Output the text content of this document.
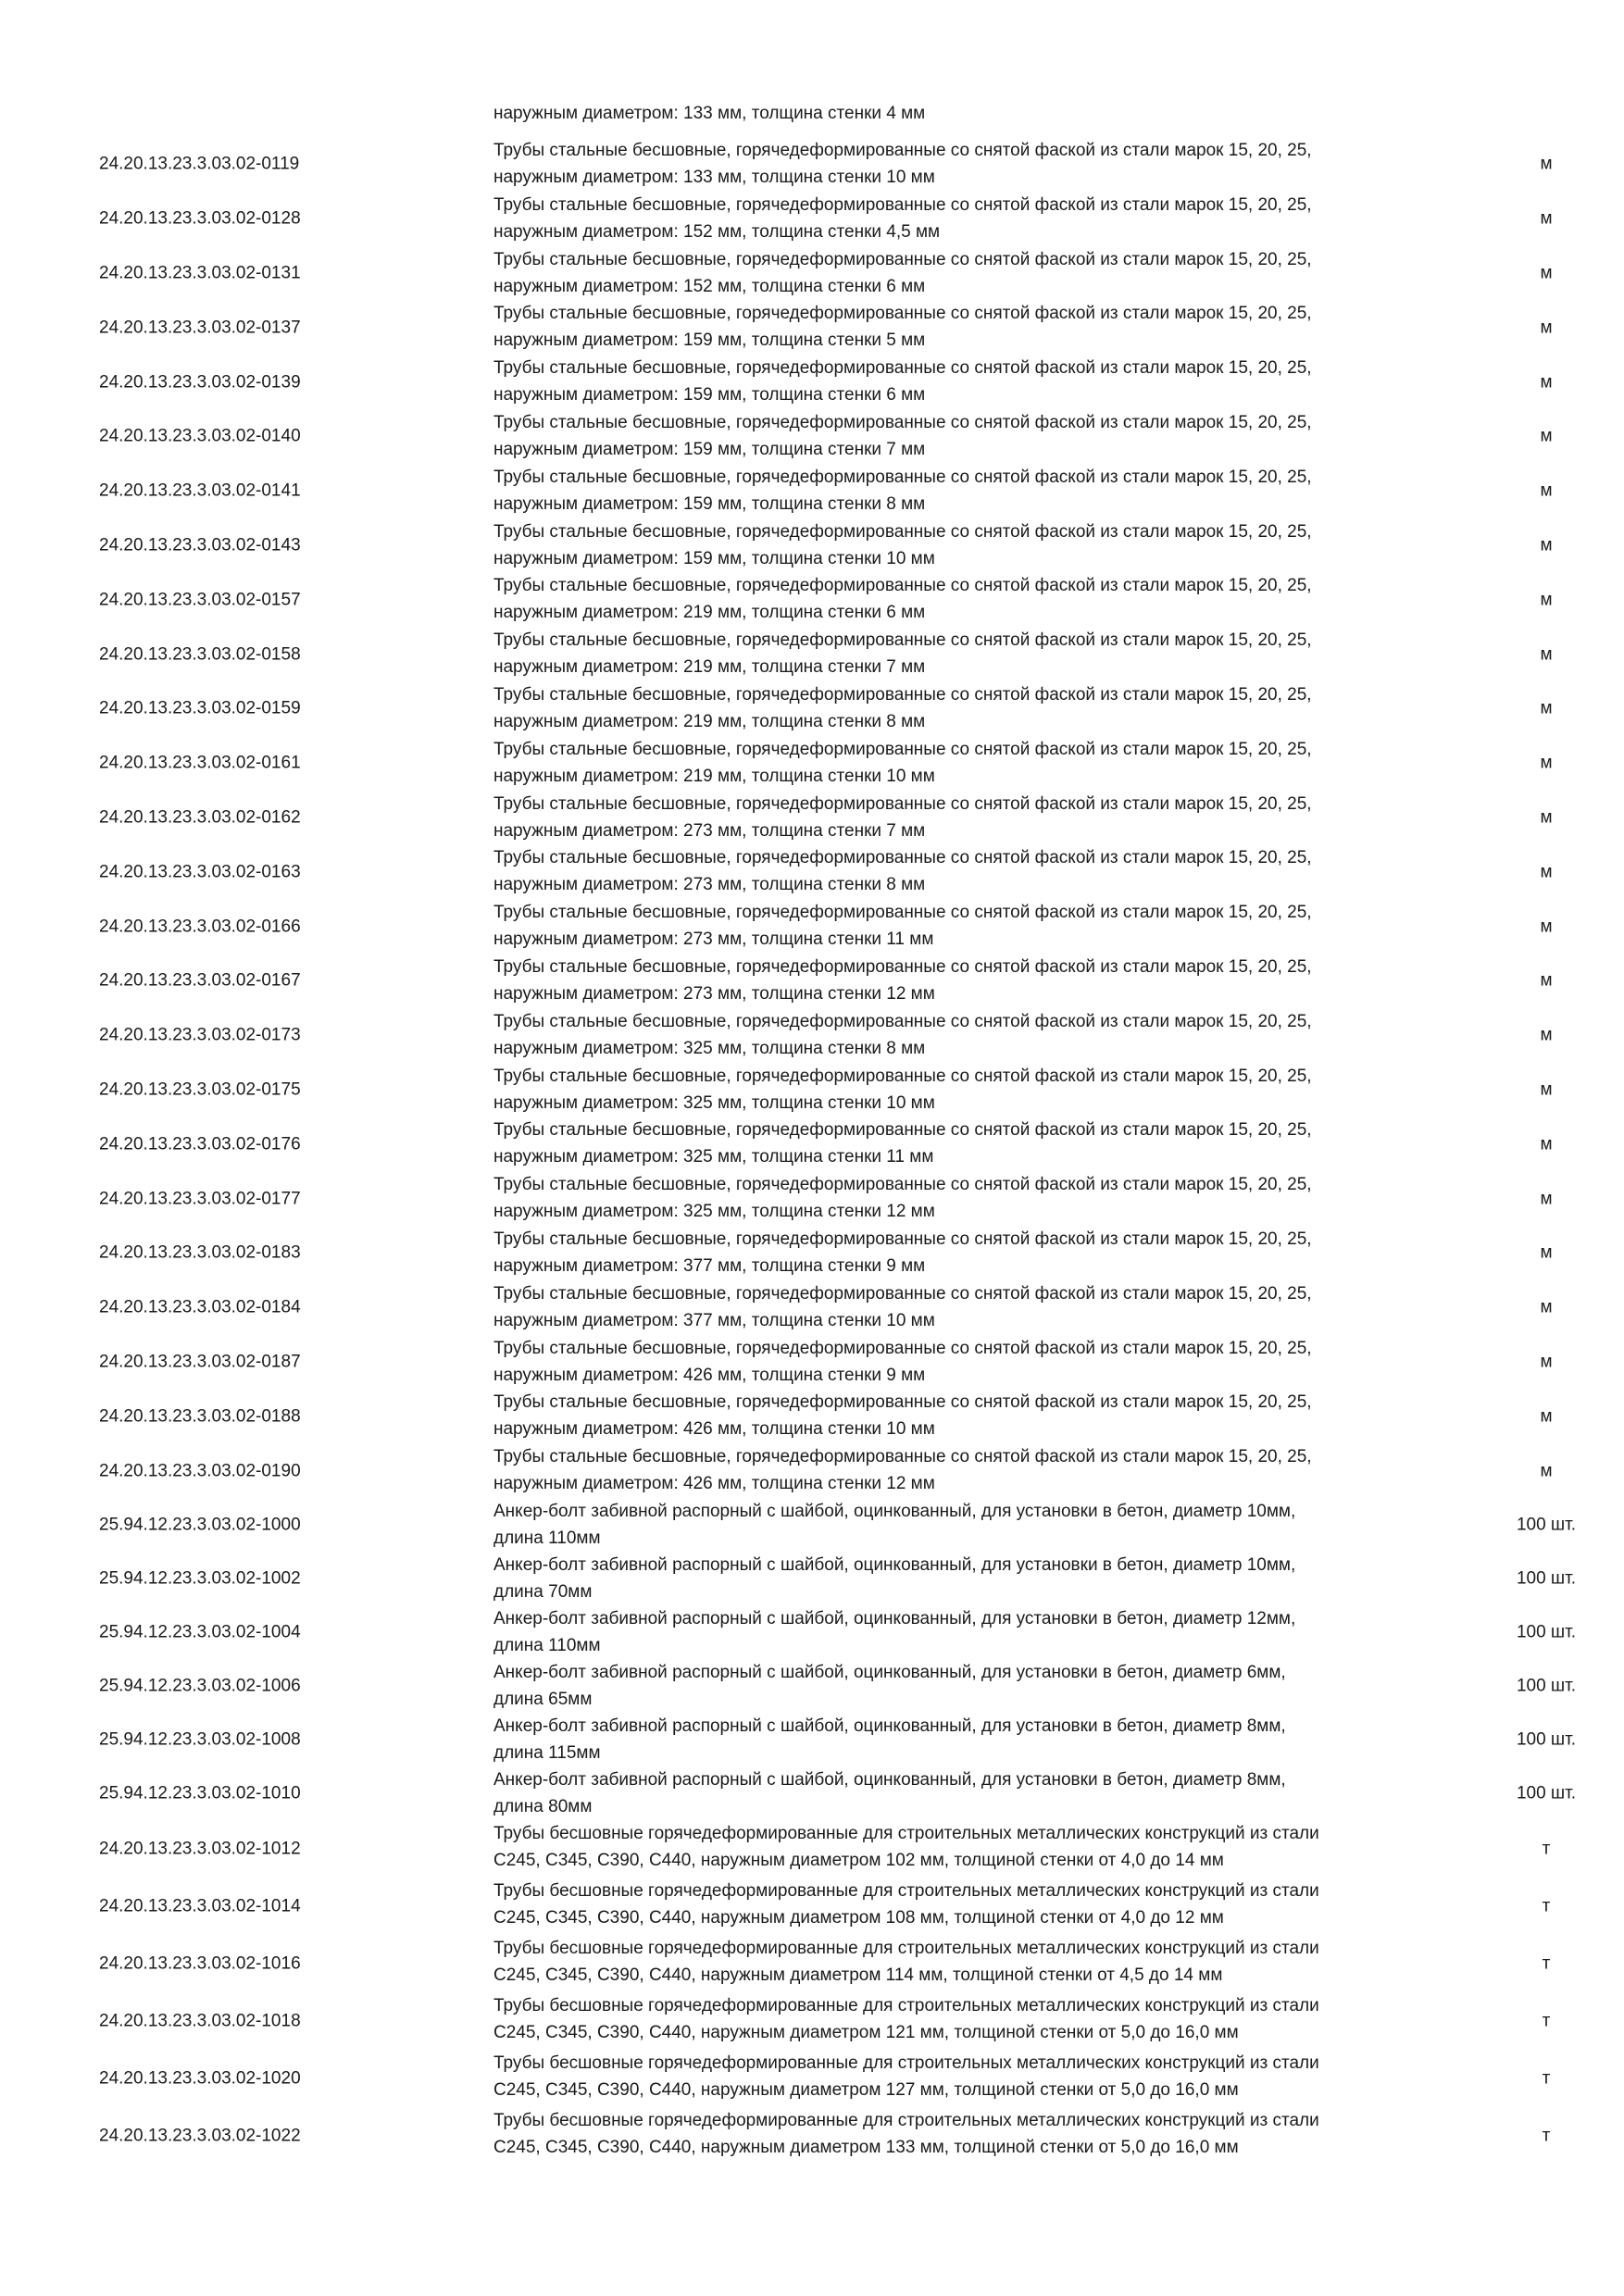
наружным диаметром: 133 мм, толщина стенки 4 мм
24.20.13.23.3.03.02-0119
Трубы стальные бесшовные, горячедеформированные со снятой фаской из стали марок 15, 20, 25,
наружным диаметром: 133 мм, толщина стенки 10 мм
м
24.20.13.23.3.03.02-0128
Трубы стальные бесшовные, горячедеформированные со снятой фаской из стали марок 15, 20, 25,
наружным диаметром: 152 мм, толщина стенки 4,5 мм
м
24.20.13.23.3.03.02-0131
Трубы стальные бесшовные, горячедеформированные со снятой фаской из стали марок 15, 20, 25,
наружным диаметром: 152 мм, толщина стенки 6 мм
м
24.20.13.23.3.03.02-0137
Трубы стальные бесшовные, горячедеформированные со снятой фаской из стали марок 15, 20, 25,
наружным диаметром: 159 мм, толщина стенки 5 мм
м
24.20.13.23.3.03.02-0139
Трубы стальные бесшовные, горячедеформированные со снятой фаской из стали марок 15, 20, 25,
наружным диаметром: 159 мм, толщина стенки 6 мм
м
24.20.13.23.3.03.02-0140
Трубы стальные бесшовные, горячедеформированные со снятой фаской из стали марок 15, 20, 25,
наружным диаметром: 159 мм, толщина стенки 7 мм
м
24.20.13.23.3.03.02-0141
Трубы стальные бесшовные, горячедеформированные со снятой фаской из стали марок 15, 20, 25,
наружным диаметром: 159 мм, толщина стенки 8 мм
м
24.20.13.23.3.03.02-0143
Трубы стальные бесшовные, горячедеформированные со снятой фаской из стали марок 15, 20, 25,
наружным диаметром: 159 мм, толщина стенки 10 мм
м
24.20.13.23.3.03.02-0157
Трубы стальные бесшовные, горячедеформированные со снятой фаской из стали марок 15, 20, 25,
наружным диаметром: 219 мм, толщина стенки 6 мм
м
24.20.13.23.3.03.02-0158
Трубы стальные бесшовные, горячедеформированные со снятой фаской из стали марок 15, 20, 25,
наружным диаметром: 219 мм, толщина стенки 7 мм
м
24.20.13.23.3.03.02-0159
Трубы стальные бесшовные, горячедеформированные со снятой фаской из стали марок 15, 20, 25,
наружным диаметром: 219 мм, толщина стенки 8 мм
м
24.20.13.23.3.03.02-0161
Трубы стальные бесшовные, горячедеформированные со снятой фаской из стали марок 15, 20, 25,
наружным диаметром: 219 мм, толщина стенки 10 мм
м
24.20.13.23.3.03.02-0162
Трубы стальные бесшовные, горячедеформированные со снятой фаской из стали марок 15, 20, 25,
наружным диаметром: 273 мм, толщина стенки 7 мм
м
24.20.13.23.3.03.02-0163
Трубы стальные бесшовные, горячедеформированные со снятой фаской из стали марок 15, 20, 25,
наружным диаметром: 273 мм, толщина стенки 8 мм
м
24.20.13.23.3.03.02-0166
Трубы стальные бесшовные, горячедеформированные со снятой фаской из стали марок 15, 20, 25,
наружным диаметром: 273 мм, толщина стенки 11 мм
м
24.20.13.23.3.03.02-0167
Трубы стальные бесшовные, горячедеформированные со снятой фаской из стали марок 15, 20, 25,
наружным диаметром: 273 мм, толщина стенки 12 мм
м
24.20.13.23.3.03.02-0173
Трубы стальные бесшовные, горячедеформированные со снятой фаской из стали марок 15, 20, 25,
наружным диаметром: 325 мм, толщина стенки 8 мм
м
24.20.13.23.3.03.02-0175
Трубы стальные бесшовные, горячедеформированные со снятой фаской из стали марок 15, 20, 25,
наружным диаметром: 325 мм, толщина стенки 10 мм
м
24.20.13.23.3.03.02-0176
Трубы стальные бесшовные, горячедеформированные со снятой фаской из стали марок 15, 20, 25,
наружным диаметром: 325 мм, толщина стенки 11 мм
м
24.20.13.23.3.03.02-0177
Трубы стальные бесшовные, горячедеформированные со снятой фаской из стали марок 15, 20, 25,
наружным диаметром: 325 мм, толщина стенки 12 мм
м
24.20.13.23.3.03.02-0183
Трубы стальные бесшовные, горячедеформированные со снятой фаской из стали марок 15, 20, 25,
наружным диаметром: 377 мм, толщина стенки 9 мм
м
24.20.13.23.3.03.02-0184
Трубы стальные бесшовные, горячедеформированные со снятой фаской из стали марок 15, 20, 25,
наружным диаметром: 377 мм, толщина стенки 10 мм
м
24.20.13.23.3.03.02-0187
Трубы стальные бесшовные, горячедеформированные со снятой фаской из стали марок 15, 20, 25,
наружным диаметром: 426 мм, толщина стенки 9 мм
м
24.20.13.23.3.03.02-0188
Трубы стальные бесшовные, горячедеформированные со снятой фаской из стали марок 15, 20, 25,
наружным диаметром: 426 мм, толщина стенки 10 мм
м
24.20.13.23.3.03.02-0190
Трубы стальные бесшовные, горячедеформированные со снятой фаской из стали марок 15, 20, 25,
наружным диаметром: 426 мм, толщина стенки 12 мм
м
25.94.12.23.3.03.02-1000
Анкер-болт забивной распорный с шайбой, оцинкованный, для установки в бетон, диаметр 10мм,
длина 110мм
100 шт.
25.94.12.23.3.03.02-1002
Анкер-болт забивной распорный с шайбой, оцинкованный, для установки в бетон, диаметр 10мм,
длина 70мм
100 шт.
25.94.12.23.3.03.02-1004
Анкер-болт забивной распорный с шайбой, оцинкованный, для установки в бетон, диаметр 12мм,
длина 110мм
100 шт.
25.94.12.23.3.03.02-1006
Анкер-болт забивной распорный с шайбой, оцинкованный, для установки в бетон, диаметр 6мм,
длина 65мм
100 шт.
25.94.12.23.3.03.02-1008
Анкер-болт забивной распорный с шайбой, оцинкованный, для установки в бетон, диаметр 8мм,
длина 115мм
100 шт.
25.94.12.23.3.03.02-1010
Анкер-болт забивной распорный с шайбой, оцинкованный, для установки в бетон, диаметр 8мм,
длина 80мм
100 шт.
24.20.13.23.3.03.02-1012
Трубы бесшовные горячедеформированные для строительных металлических конструкций из стали
С245, С345, С390, С440, наружным диаметром 102 мм, толщиной стенки от 4,0 до 14 мм
т
24.20.13.23.3.03.02-1014
Трубы бесшовные горячедеформированные для строительных металлических конструкций из стали
С245, С345, С390, С440, наружным диаметром 108 мм, толщиной стенки от 4,0 до 12 мм
т
24.20.13.23.3.03.02-1016
Трубы бесшовные горячедеформированные для строительных металлических конструкций из стали
С245, С345, С390, С440, наружным диаметром 114 мм, толщиной стенки от 4,5 до 14 мм
т
24.20.13.23.3.03.02-1018
Трубы бесшовные горячедеформированные для строительных металлических конструкций из стали
С245, С345, С390, С440, наружным диаметром 121 мм, толщиной стенки от 5,0 до 16,0 мм
т
24.20.13.23.3.03.02-1020
Трубы бесшовные горячедеформированные для строительных металлических конструкций из стали
С245, С345, С390, С440, наружным диаметром 127 мм, толщиной стенки от 5,0 до 16,0 мм
т
24.20.13.23.3.03.02-1022
Трубы бесшовные горячедеформированные для строительных металлических конструкций из стали
С245, С345, С390, С440, наружным диаметром 133 мм, толщиной стенки от 5,0 до 16,0 мм
т
